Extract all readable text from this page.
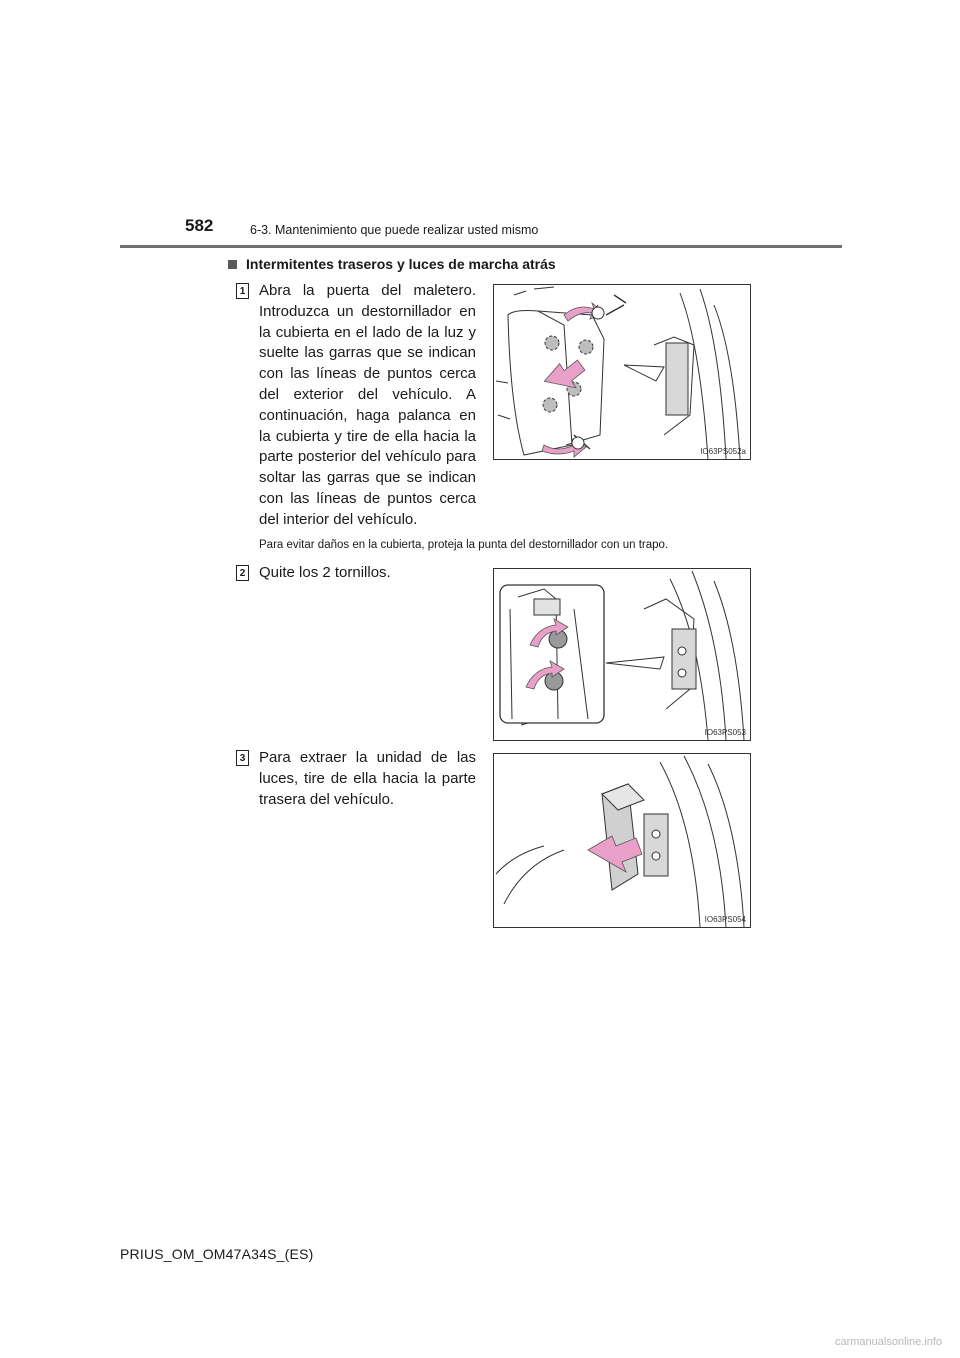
582	6-3. Mantenimiento que puede realizar usted mismo
Intermitentes traseros y luces de marcha atrás
1 Abra la puerta del maletero. Introduzca un destornillador en la cubierta en el lado de la luz y suelte las garras que se indican con las líneas de puntos cerca del exterior del vehículo. A continuación, haga palanca en la cubierta y tire de ella hacia la parte posterior del vehículo para soltar las garras que se indican con las líneas de puntos cerca del interior del vehículo.
Para evitar daños en la cubierta, proteja la punta del destornillador con un trapo.
IO63PS052a
2 Quite los 2 tornillos.
IO63PS053
3 Para extraer la unidad de las luces, tire de ella hacia la parte trasera del vehículo.
IO63PS054
PRIUS_OM_OM47A34S_(ES)
carmanualsonline.info
